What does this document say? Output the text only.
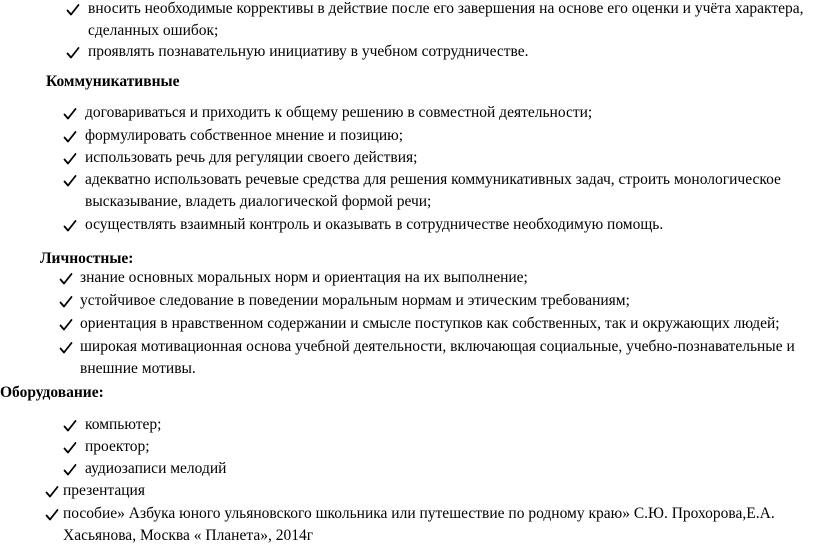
вносить необходимые коррективы в действие после его завершения на основе его оценки и учёта характера,
сделанных ошибок;
проявлять познавательную инициативу в учебном сотрудничестве.
Коммуникативные
договариваться и приходить к общему решению в совместной деятельности;
формулировать собственное мнение и позицию;
использовать речь для регуляции своего действия;
адекватно использовать речевые средства для решения коммуникативных задач, строить монологическое
высказывание, владеть диалогической формой речи;
осуществлять взаимный контроль и оказывать в сотрудничестве необходимую помощь.
Личностные:
знание основных моральных норм и ориентация на их выполнение;
устойчивое следование в поведении моральным нормам и этическим требованиям;
ориентация в нравственном содержании и смысле поступков как собственных, так и окружающих людей;
широкая мотивационная основа учебной деятельности, включающая социальные, учебно-познавательные и
внешние мотивы.
Оборудование:
компьютер;
проектор;
аудиозаписи мелодий
презентация
пособие» Азбука юного ульяновского школьника или путешествие по родному краю» С.Ю. Прохорова,Е.А.
Хасьянова, Москва « Планета», 2014г
